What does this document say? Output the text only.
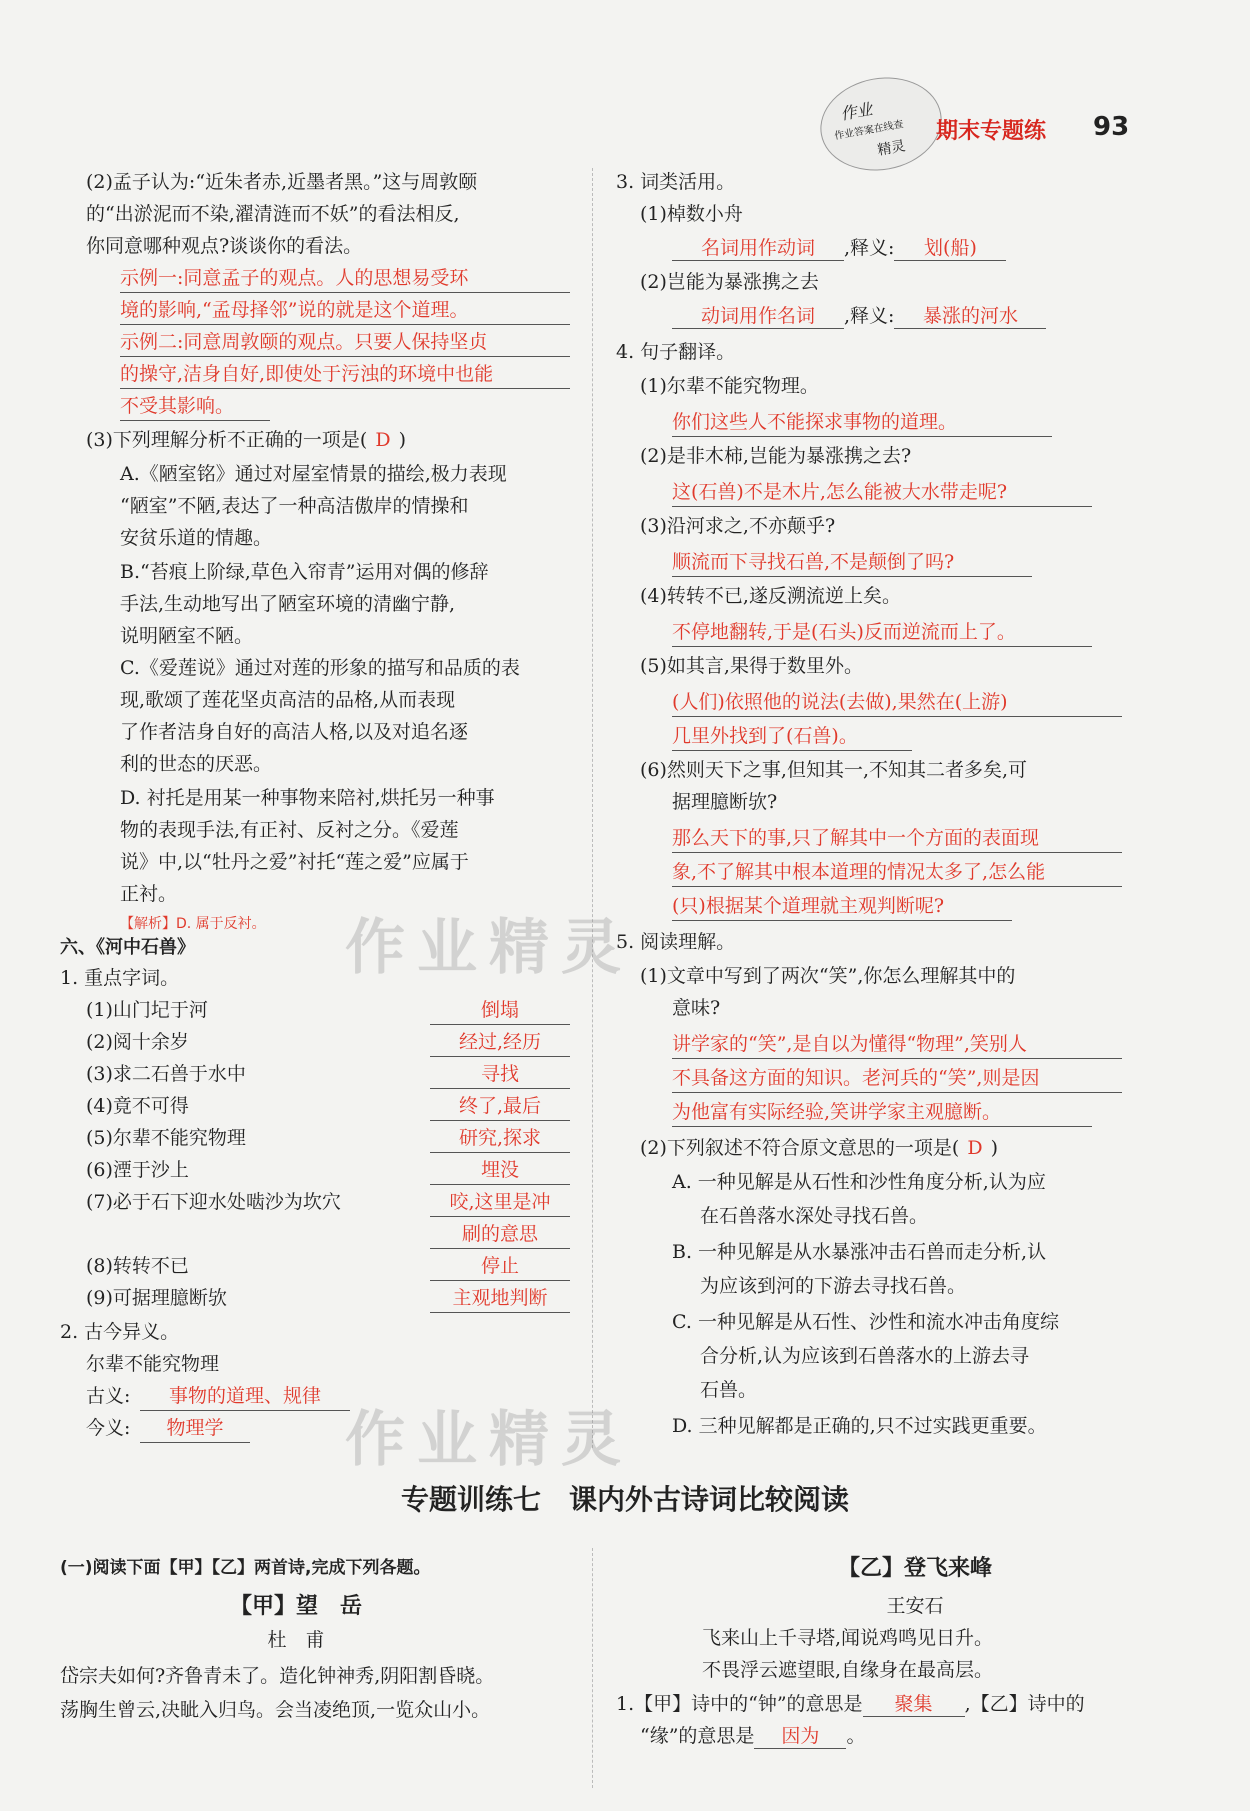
作业
作业答案在线查
精灵
期末专题练 93
(2)孟子认为:“近朱者赤,近墨者黑。”这与周敦颐
的“出淤泥而不染,濯清涟而不妖”的看法相反,
你同意哪种观点?谈谈你的看法。
示例一:同意孟子的观点。人的思想易受环
境的影响,“孟母择邻”说的就是这个道理。
示例二:同意周敦颐的观点。只要人保持坚贞
的操守,洁身自好,即使处于污浊的环境中也能
不受其影响。
(3)下列理解分析不正确的一项是( D )
A.《陋室铭》通过对屋室情景的描绘,极力表现
“陋室”不陋,表达了一种高洁傲岸的情操和
安贫乐道的情趣。
B.“苔痕上阶绿,草色入帘青”运用对偶的修辞
手法,生动地写出了陋室环境的清幽宁静,
说明陋室不陋。
C.《爱莲说》通过对莲的形象的描写和品质的表
现,歌颂了莲花坚贞高洁的品格,从而表现
了作者洁身自好的高洁人格,以及对追名逐
利的世态的厌恶。
D. 衬托是用某一种事物来陪衬,烘托另一种事
物的表现手法,有正衬、反衬之分。《爱莲
说》中,以“牡丹之爱”衬托“莲之爱”应属于
正衬。
【解析】D. 属于反衬。
六、《河中石兽》
1. 重点字词。
(1)山门圮于河	倒塌
(2)阅十余岁	经过,经历
(3)求二石兽于水中	寻找
(4)竟不可得	终了,最后
(5)尔辈不能究物理	研究,探求
(6)湮于沙上	埋没
(7)必于石下迎水处啮沙为坎穴	咬,这里是冲
刷的意思
(8)转转不已	停止
(9)可据理臆断欤	主观地判断
2. 古今异义。
尔辈不能究物理
古义:	事物的道理、规律
今义:	物理学
3. 词类活用。
(1)棹数小舟
名词用作动词 ,释义: 划(船)
(2)岂能为暴涨携之去
动词用作名词 ,释义: 暴涨的河水
4. 句子翻译。
(1)尔辈不能究物理。
你们这些人不能探求事物的道理。
(2)是非木柿,岂能为暴涨携之去?
这(石兽)不是木片,怎么能被大水带走呢?
(3)沿河求之,不亦颠乎?
顺流而下寻找石兽,不是颠倒了吗?
(4)转转不已,遂反溯流逆上矣。
不停地翻转,于是(石头)反而逆流而上了。
(5)如其言,果得于数里外。
(人们)依照他的说法(去做),果然在(上游)
几里外找到了(石兽)。
(6)然则天下之事,但知其一,不知其二者多矣,可
据理臆断欤?
那么天下的事,只了解其中一个方面的表面现
象,不了解其中根本道理的情况太多了,怎么能
(只)根据某个道理就主观判断呢?
5. 阅读理解。
(1)文章中写到了两次“笑”,你怎么理解其中的
意味?
讲学家的“笑”,是自以为懂得“物理”,笑别人
不具备这方面的知识。老河兵的“笑”,则是因
为他富有实际经验,笑讲学家主观臆断。
(2)下列叙述不符合原文意思的一项是( D )
A. 一种见解是从石性和沙性角度分析,认为应
在石兽落水深处寻找石兽。
B. 一种见解是从水暴涨冲击石兽而走分析,认
为应该到河的下游去寻找石兽。
C. 一种见解是从石性、沙性和流水冲击角度综
合分析,认为应该到石兽落水的上游去寻
石兽。
D. 三种见解都是正确的,只不过实践更重要。
作业精灵
作业精灵
专题训练七　课内外古诗词比较阅读
(一)阅读下面【甲】【乙】两首诗,完成下列各题。
【甲】望　岳
杜　甫
岱宗夫如何?齐鲁青未了。造化钟神秀,阴阳割昏晓。
荡胸生曾云,决眦入归鸟。会当凌绝顶,一览众山小。
【乙】登飞来峰
王安石
飞来山上千寻塔,闻说鸡鸣见日升。
不畏浮云遮望眼,自缘身在最高层。
1.【甲】诗中的“钟”的意思是 聚集 ,【乙】诗中的
“缘”的意思是 因为 。
